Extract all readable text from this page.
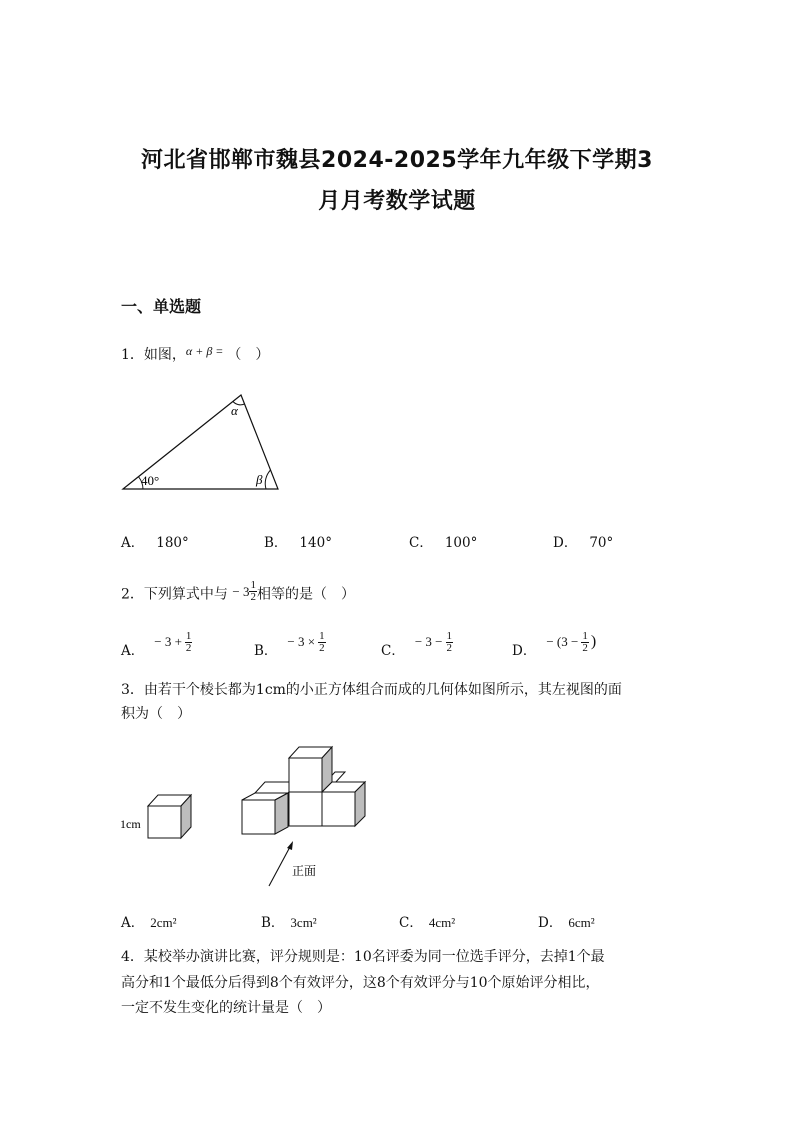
河北省邯郸市魏县2024-2025学年九年级下学期3
月月考数学试题
一、单选题
1．如图，α + β = （　）
40°
α
β
A． 180°	B． 140°	C． 100°	D． 70°
2．下列算式中与 − $3 \frac{1}{2}$ 相等的是（　）
A．
− $3 + \frac{1}{2}$	B．
− $3 \times \frac{1}{2}$	C．
− $3 - \frac{1}{2}$	D．
− ($3 - \frac{1}{2}$ )
3．由若干个棱长都为1cm的小正方体组合而成的几何体如图所示，其左视图的面
积为（　）
1cm
正面
A． 2cm²	B． 3cm²	C． 4cm²	D． 6cm²
4．某校举办演讲比赛，评分规则是：10名评委为同一位选手评分，去掉1个最
高分和1个最低分后得到8个有效评分，这8个有效评分与10个原始评分相比，
一定不发生变化的统计量是（　）
